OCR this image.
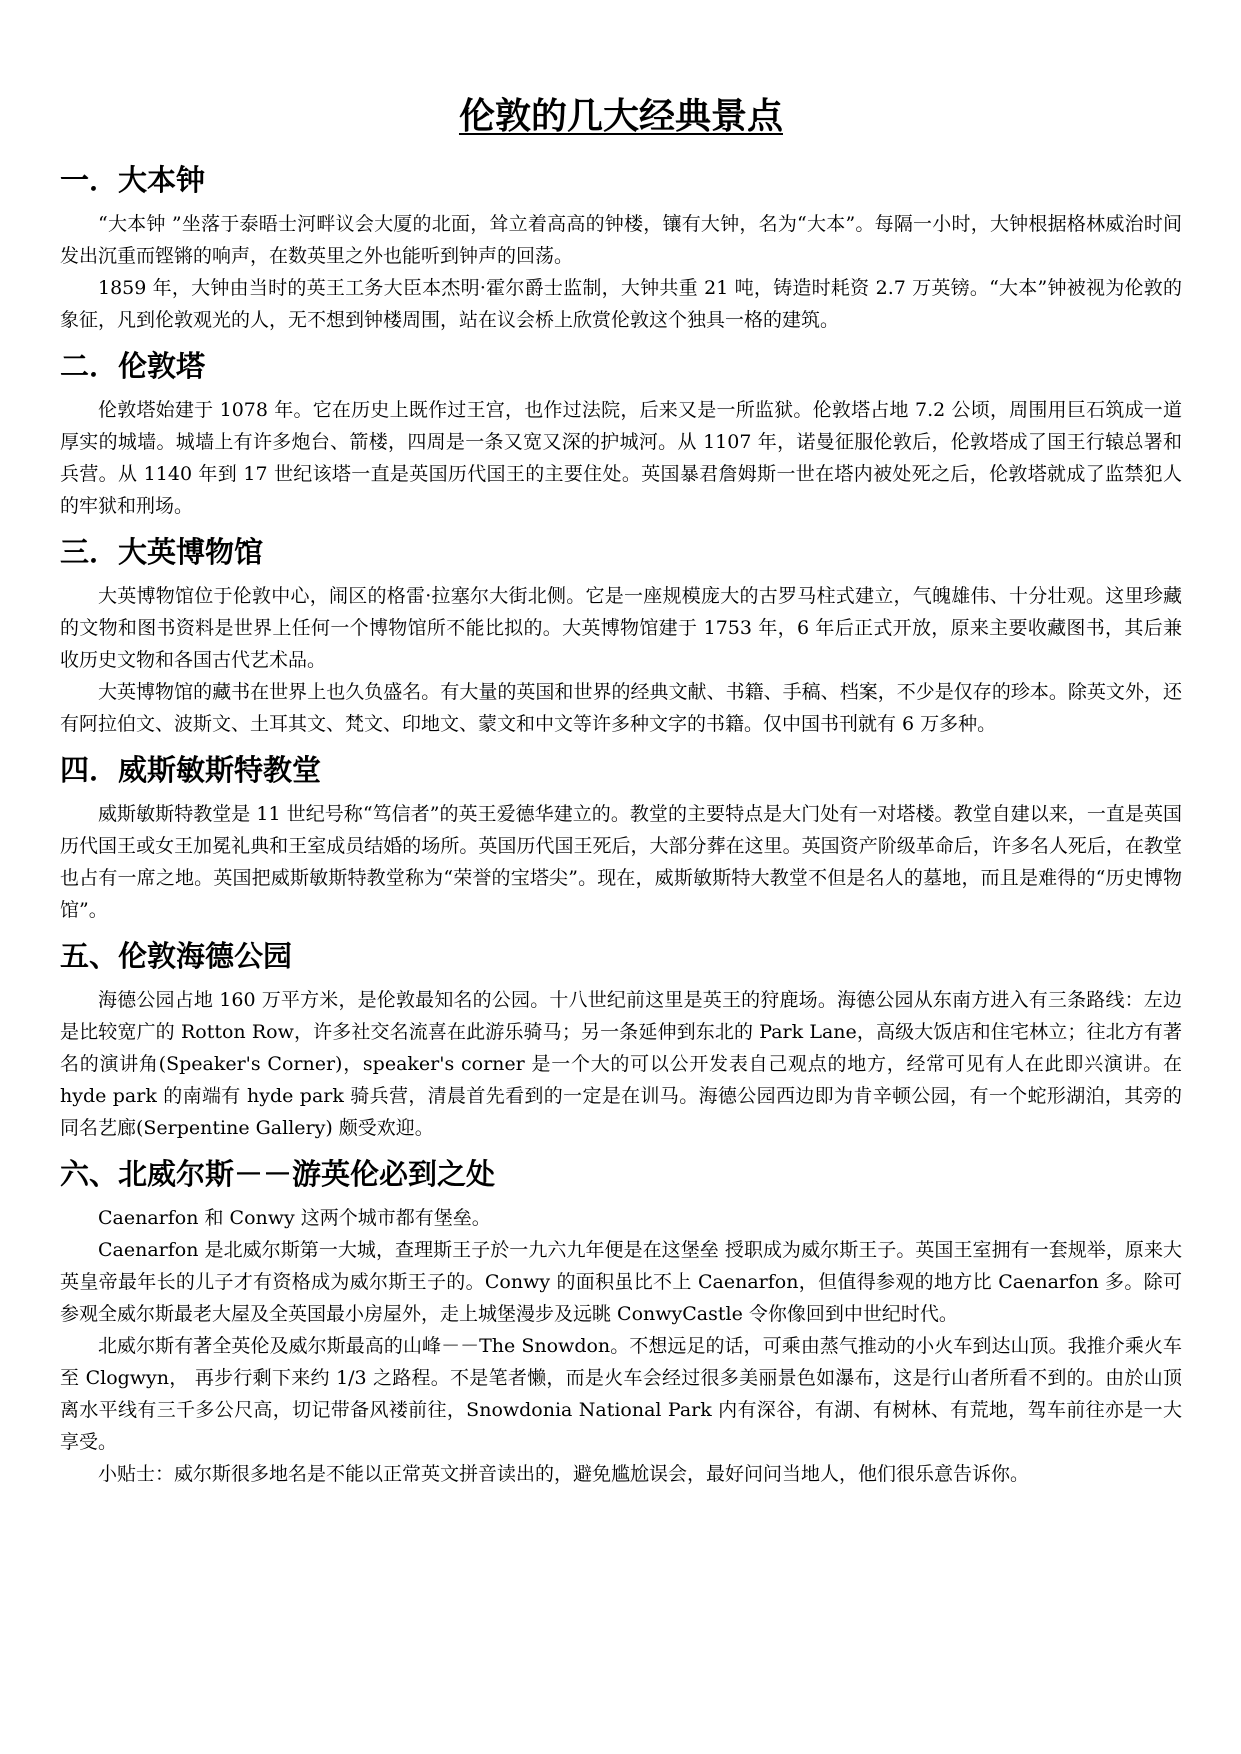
伦敦的几大经典景点
一．大本钟

“大本钟 ”坐落于泰晤士河畔议会大厦的北面，耸立着高高的钟楼，镶有大钟，名为“大本”。每隔一小时，大钟根据格林威治时间发出沉重而铿锵的响声，在数英里之外也能听到钟声的回荡。

1859 年，大钟由当时的英王工务大臣本杰明·霍尔爵士监制，大钟共重 21 吨，铸造时耗资 2.7 万英镑。“大本”钟被视为伦敦的象征，凡到伦敦观光的人，无不想到钟楼周围，站在议会桥上欣赏伦敦这个独具一格的建筑。

二．伦敦塔

伦敦塔始建于 1078 年。它在历史上既作过王宫，也作过法院，后来又是一所监狱。伦敦塔占地 7.2 公顷，周围用巨石筑成一道厚实的城墙。城墙上有许多炮台、箭楼，四周是一条又宽又深的护城河。从 1107 年，诺曼征服伦敦后，伦敦塔成了国王行辕总署和兵营。从 1140 年到 17 世纪该塔一直是英国历代国王的主要住处。英国暴君詹姆斯一世在塔内被处死之后，伦敦塔就成了监禁犯人的牢狱和刑场。

三．大英博物馆

大英博物馆位于伦敦中心，闹区的格雷·拉塞尔大街北侧。它是一座规模庞大的古罗马柱式建立，气魄雄伟、十分壮观。这里珍藏的文物和图书资料是世界上任何一个博物馆所不能比拟的。大英博物馆建于 1753 年，6 年后正式开放，原来主要收藏图书，其后兼收历史文物和各国古代艺术品。

大英博物馆的藏书在世界上也久负盛名。有大量的英国和世界的经典文献、书籍、手稿、档案，不少是仅存的珍本。除英文外，还有阿拉伯文、波斯文、土耳其文、梵文、印地文、蒙文和中文等许多种文字的书籍。仅中国书刊就有 6 万多种。

四．威斯敏斯特教堂

威斯敏斯特教堂是 11 世纪号称“笃信者”的英王爱德华建立的。教堂的主要特点是大门处有一对塔楼。教堂自建以来，一直是英国历代国王或女王加冕礼典和王室成员结婚的场所。英国历代国王死后，大部分葬在这里。英国资产阶级革命后，许多名人死后，在教堂也占有一席之地。英国把威斯敏斯特教堂称为“荣誉的宝塔尖”。现在，威斯敏斯特大教堂不但是名人的墓地，而且是难得的“历史博物馆”。

五、伦敦海德公园

海德公园占地 160 万平方米，是伦敦最知名的公园。十八世纪前这里是英王的狩鹿场。海德公园从东南方进入有三条路线：左边是比较宽广的 Rotton Row，许多社交名流喜在此游乐骑马；另一条延伸到东北的 Park Lane，高级大饭店和住宅林立；往北方有著名的演讲角(Speaker's Corner)，speaker's corner 是一个大的可以公开发表自己观点的地方，经常可见有人在此即兴演讲。在 hyde park 的南端有 hyde park 骑兵营，清晨首先看到的一定是在训马。海德公园西边即为肯辛顿公园，有一个蛇形湖泊，其旁的同名艺廊(Serpentine Gallery) 颇受欢迎。

六、北威尔斯－－游英伦必到之处

Caenarfon 和 Conwy 这两个城市都有堡垒。

Caenarfon 是北威尔斯第一大城，查理斯王子於一九六九年便是在这堡垒 授职成为威尔斯王子。英国王室拥有一套规举，原来大英皇帝最年长的儿子才有资格成为威尔斯王子的。Conwy 的面积虽比不上 Caenarfon，但值得参观的地方比 Caenarfon 多。除可参观全威尔斯最老大屋及全英国最小房屋外，走上城堡漫步及远眺 ConwyCastle 令你像回到中世纪时代。

北威尔斯有著全英伦及威尔斯最高的山峰－－The Snowdon。不想远足的话，可乘由蒸气推动的小火车到达山顶。我推介乘火车至 Clogwyn， 再步行剩下来约 1/3 之路程。不是笔者懒，而是火车会经过很多美丽景色如瀑布，这是行山者所看不到的。由於山顶离水平线有三千多公尺高，切记带备风褛前往，Snowdonia National Park 内有深谷，有湖、有树林、有荒地，驾车前往亦是一大享受。

小贴士：威尔斯很多地名是不能以正常英文拼音读出的，避免尴尬误会，最好问问当地人，他们很乐意告诉你。
